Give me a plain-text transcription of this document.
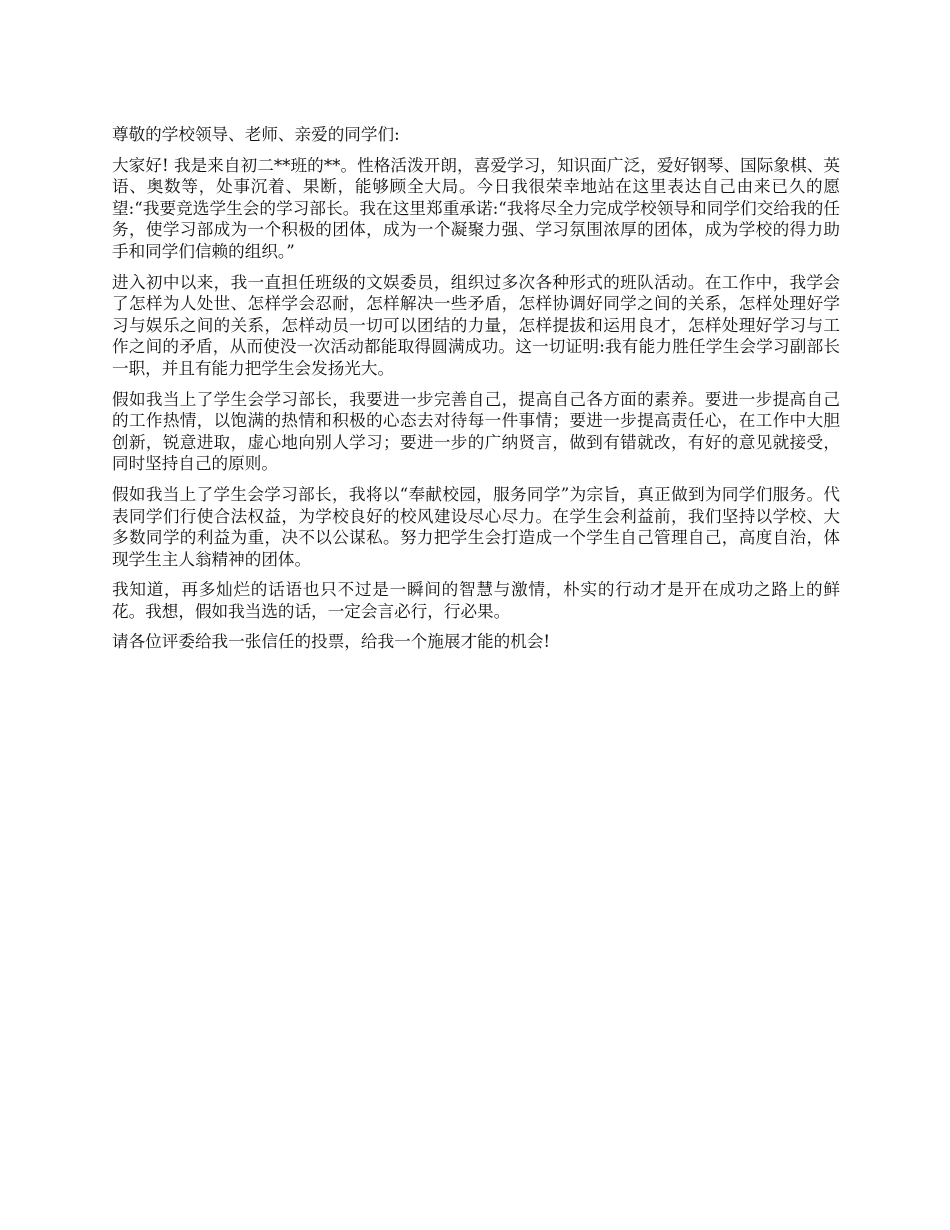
尊敬的学校领导、老师、亲爱的同学们:

大家好! 我是来自初二**班的**。性格活泼开朗，喜爱学习，知识面广泛，爱好钢琴、国际象棋、英语、奥数等，处事沉着、果断，能够顾全大局。今日我很荣幸地站在这里表达自己由来已久的愿望:“我要竞选学生会的学习部长。我在这里郑重承诺:“我将尽全力完成学校领导和同学们交给我的任务，使学习部成为一个积极的团体，成为一个凝聚力强、学习氛围浓厚的团体，成为学校的得力助手和同学们信赖的组织。”

进入初中以来，我一直担任班级的文娱委员，组织过多次各种形式的班队活动。在工作中，我学会了怎样为人处世、怎样学会忍耐，怎样解决一些矛盾，怎样协调好同学之间的关系，怎样处理好学习与娱乐之间的关系，怎样动员一切可以团结的力量，怎样提拔和运用良才，怎样处理好学习与工作之间的矛盾，从而使没一次活动都能取得圆满成功。这一切证明:我有能力胜任学生会学习副部长一职，并且有能力把学生会发扬光大。

假如我当上了学生会学习部长，我要进一步完善自己，提高自己各方面的素养。要进一步提高自己的工作热情，以饱满的热情和积极的心态去对待每一件事情；要进一步提高责任心，在工作中大胆创新，锐意进取，虚心地向别人学习；要进一步的广纳贤言，做到有错就改，有好的意见就接受，同时坚持自己的原则。

假如我当上了学生会学习部长，我将以“奉献校园，服务同学”为宗旨，真正做到为同学们服务。代表同学们行使合法权益，为学校良好的校风建设尽心尽力。在学生会利益前，我们坚持以学校、大多数同学的利益为重，决不以公谋私。努力把学生会打造成一个学生自己管理自己，高度自治，体现学生主人翁精神的团体。

我知道，再多灿烂的话语也只不过是一瞬间的智慧与激情，朴实的行动才是开在成功之路上的鲜花。我想，假如我当选的话，一定会言必行，行必果。

请各位评委给我一张信任的投票，给我一个施展才能的机会!
